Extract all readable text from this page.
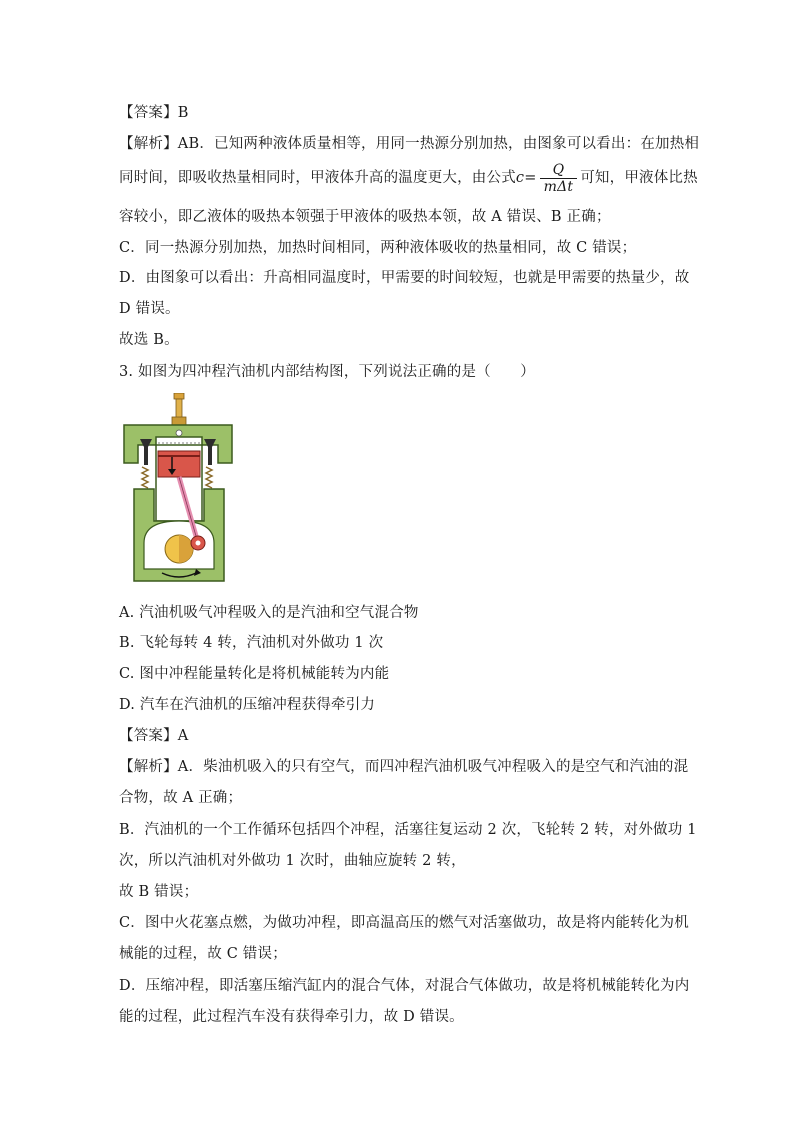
【答案】B
【解析】AB．已知两种液体质量相等，用同一热源分别加热，由图象可以看出：在加热相
同时间，即吸收热量相同时，甲液体升高的温度更大，由公式 $c = \frac{Q}{\text{mΔt}}$ 可知，甲液体比热
容较小，即乙液体的吸热本领强于甲液体的吸热本领，故 A 错误、B 正确；
C．同一热源分别加热，加热时间相同，两种液体吸收的热量相同，故 C 错误；
D．由图象可以看出：升高相同温度时，甲需要的时间较短，也就是甲需要的热量少，故
D 错误。
故选 B。
3. 如图为四冲程汽油机内部结构图，下列说法正确的是（　　）
A. 汽油机吸气冲程吸入的是汽油和空气混合物
B. 飞轮每转 4 转，汽油机对外做功 1 次
C. 图中冲程能量转化是将机械能转为内能
D. 汽车在汽油机的压缩冲程获得牵引力
【答案】A
【解析】A．柴油机吸入的只有空气，而四冲程汽油机吸气冲程吸入的是空气和汽油的混
合物，故 A 正确；
B．汽油机的一个工作循环包括四个冲程，活塞往复运动 2 次，飞轮转 2 转，对外做功 1
次，所以汽油机对外做功 1 次时，曲轴应旋转 2 转，
故 B 错误；
C．图中火花塞点燃，为做功冲程，即高温高压的燃气对活塞做功，故是将内能转化为机
械能的过程，故 C 错误；
D．压缩冲程，即活塞压缩汽缸内的混合气体，对混合气体做功，故是将机械能转化为内
能的过程，此过程汽车没有获得牵引力，故 D 错误。
